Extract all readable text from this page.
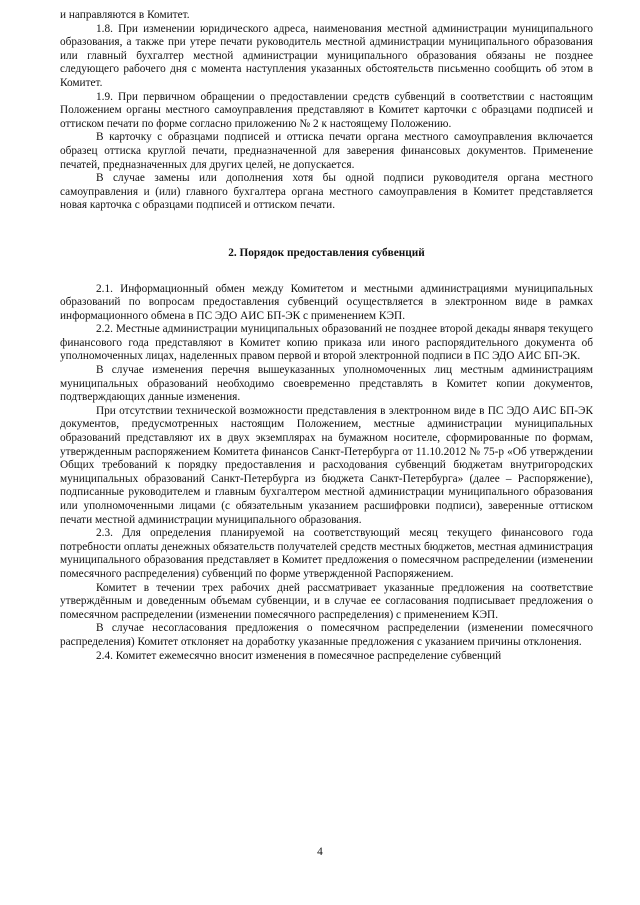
и направляются в Комитет.

1.8. При изменении юридического адреса, наименования местной администрации муниципального образования, а также при утере печати руководитель местной администрации муниципального образования или главный бухгалтер местной администрации муниципального образования обязаны не позднее следующего рабочего дня с момента наступления указанных обстоятельств письменно сообщить об этом в Комитет.

1.9. При первичном обращении о предоставлении средств субвенций в соответствии с настоящим Положением органы местного самоуправления представляют в Комитет карточки с образцами подписей и оттиском печати по форме согласно приложению № 2 к настоящему Положению.

В карточку с образцами подписей и оттиска печати органа местного самоуправления включается образец оттиска круглой печати, предназначенной для заверения финансовых документов. Применение печатей, предназначенных для других целей, не допускается.

В случае замены или дополнения хотя бы одной подписи руководителя органа местного самоуправления и (или) главного бухгалтера органа местного самоуправления в Комитет представляется новая карточка с образцами подписей и оттиском печати.

2. Порядок предоставления субвенций

2.1. Информационный обмен между Комитетом и местными администрациями муниципальных образований по вопросам предоставления субвенций осуществляется в электронном виде в рамках информационного обмена в ПС ЭДО АИС БП-ЭК с применением КЭП.

2.2. Местные администрации муниципальных образований не позднее второй декады января текущего финансового года представляют в Комитет копию приказа или иного распорядительного документа об уполномоченных лицах, наделенных правом первой и второй электронной подписи в ПС ЭДО АИС БП-ЭК.

В случае изменения перечня вышеуказанных уполномоченных лиц местным администрациям муниципальных образований необходимо своевременно представлять в Комитет копии документов, подтверждающих данные изменения.

При отсутствии технической возможности представления в электронном виде в ПС ЭДО АИС БП-ЭК документов, предусмотренных настоящим Положением, местные администрации муниципальных образований представляют их в двух экземплярах на бумажном носителе, сформированные по формам, утвержденным распоряжением Комитета финансов Санкт-Петербурга от 11.10.2012 № 75-р «Об утверждении Общих требований к порядку предоставления и расходования субвенций бюджетам внутригородских муниципальных образований Санкт-Петербурга из бюджета Санкт-Петербурга» (далее – Распоряжение), подписанные руководителем и главным бухгалтером местной администрации муниципального образования или уполномоченными лицами (с обязательным указанием расшифровки подписи), заверенные оттиском печати местной администрации муниципального образования.

2.3. Для определения планируемой на соответствующий месяц текущего финансового года потребности оплаты денежных обязательств получателей средств местных бюджетов, местная администрация муниципального образования представляет в Комитет предложения о помесячном распределении (изменении помесячного распределения) субвенций по форме утвержденной Распоряжением.

Комитет в течении трех рабочих дней рассматривает указанные предложения на соответствие утверждённым и доведенным объемам субвенции, и в случае ее согласования подписывает предложения о помесячном распределении (изменении помесячного распределения) с применением КЭП.

В случае несогласования предложения о помесячном распределении (изменении помесячного распределения) Комитет отклоняет на доработку указанные предложения с указанием причины отклонения.

2.4. Комитет ежемесячно вносит изменения в помесячное распределение субвенций

4
